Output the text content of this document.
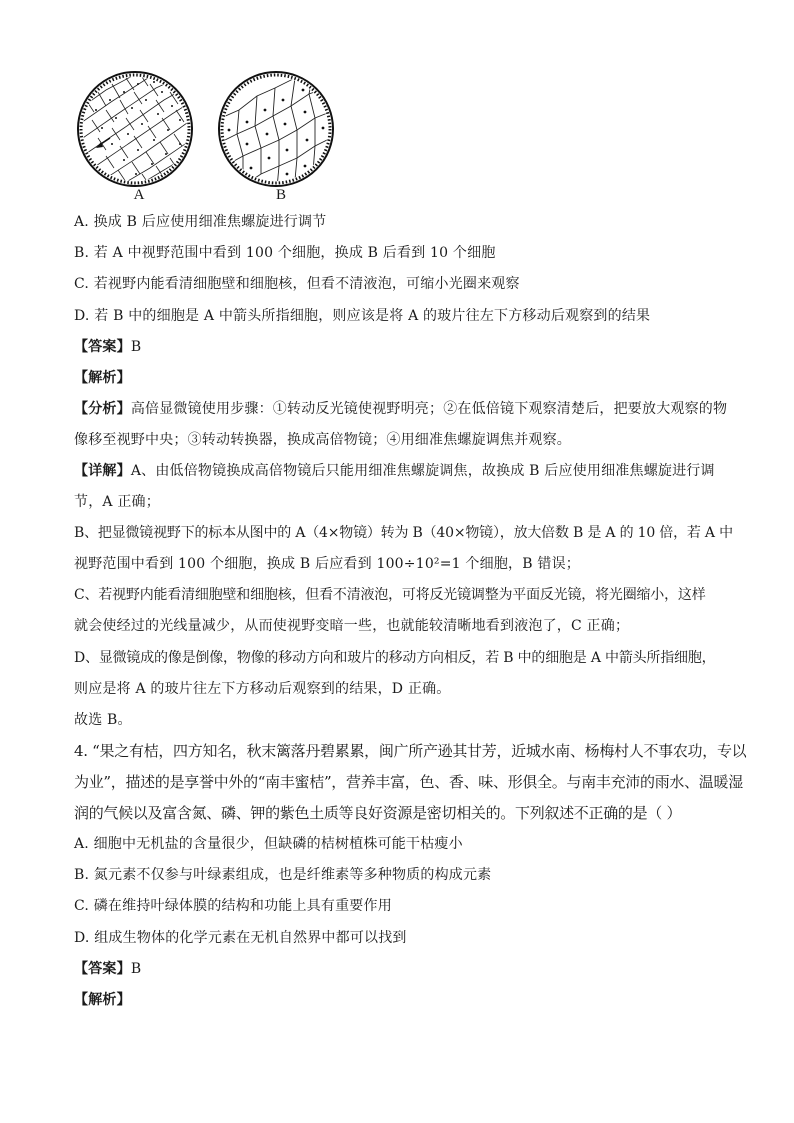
A	B
A. 换成 B 后应使用细准焦螺旋进行调节
B. 若 A 中视野范围中看到 100 个细胞，换成 B 后看到 10 个细胞
C. 若视野内能看清细胞壁和细胞核，但看不清液泡，可缩小光圈来观察
D. 若 B 中的细胞是 A 中箭头所指细胞，则应该是将 A 的玻片往左下方移动后观察到的结果
【答案】B
【解析】
【分析】高倍显微镜使用步骤：①转动反光镜使视野明亮；②在低倍镜下观察清楚后，把要放大观察的物
像移至视野中央；③转动转换器，换成高倍物镜；④用细准焦螺旋调焦并观察。
【详解】A、由低倍物镜换成高倍物镜后只能用细准焦螺旋调焦，故换成 B 后应使用细准焦螺旋进行调
节，A 正确；
B、把显微镜视野下的标本从图中的 A（4×物镜）转为 B（40×物镜），放大倍数 B 是 A 的 10 倍，若 A 中
视野范围中看到 100 个细胞，换成 B 后应看到 100÷10²=1 个细胞，B 错误；
C、若视野内能看清细胞壁和细胞核，但看不清液泡，可将反光镜调整为平面反光镜，将光圈缩小，这样
就会使经过的光线量减少，从而使视野变暗一些，也就能较清晰地看到液泡了，C 正确；
D、显微镜成的像是倒像，物像的移动方向和玻片的移动方向相反，若 B 中的细胞是 A 中箭头所指细胞，
则应是将 A 的玻片往左下方移动后观察到的结果，D 正确。
故选 B。
4. “果之有桔，四方知名，秋末篱落丹碧累累，闽广所产逊其甘芳，近城水南、杨梅村人不事农功，专以
为业”，描述的是享誉中外的“南丰蜜桔”，营养丰富，色、香、味、形俱全。与南丰充沛的雨水、温暖湿
润的气候以及富含氮、磷、钾的紫色土质等良好资源是密切相关的。下列叙述不正确的是（ ）
A. 细胞中无机盐的含量很少，但缺磷的桔树植株可能干枯瘦小
B. 氮元素不仅参与叶绿素组成，也是纤维素等多种物质的构成元素
C. 磷在维持叶绿体膜的结构和功能上具有重要作用
D. 组成生物体的化学元素在无机自然界中都可以找到
【答案】B
【解析】
